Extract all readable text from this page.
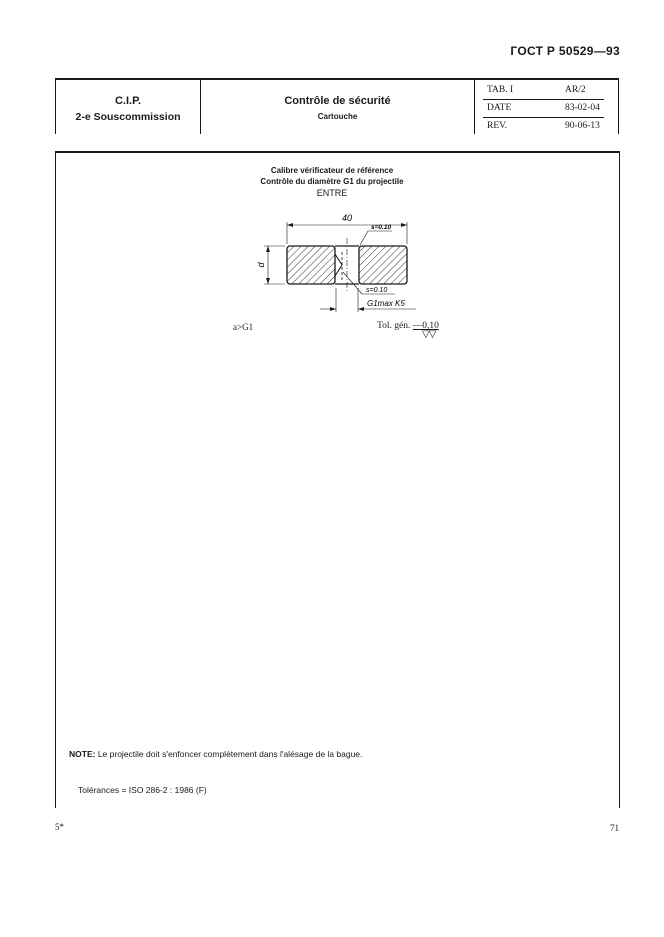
ГОСТ Р 50529—93
C.I.P.
2-e Souscommission
Contrôle de sécurité
Cartouche
TAB. I	AR/2
DATE	83-02-04
REV.	90-06-13
Calibre vérificateur de référence
Contrôle du diamètre G1 du projectile
ENTRE
40
d
s=0.10
s=0.10
G1max K5
a>G1	Tol. gén. —0,10
▽▽
NOTE: Le projectile doit s'enfoncer complètement dans l'alésage de la bague.
Tolérances = ISO 286-2 : 1986 (F)
5*	71
